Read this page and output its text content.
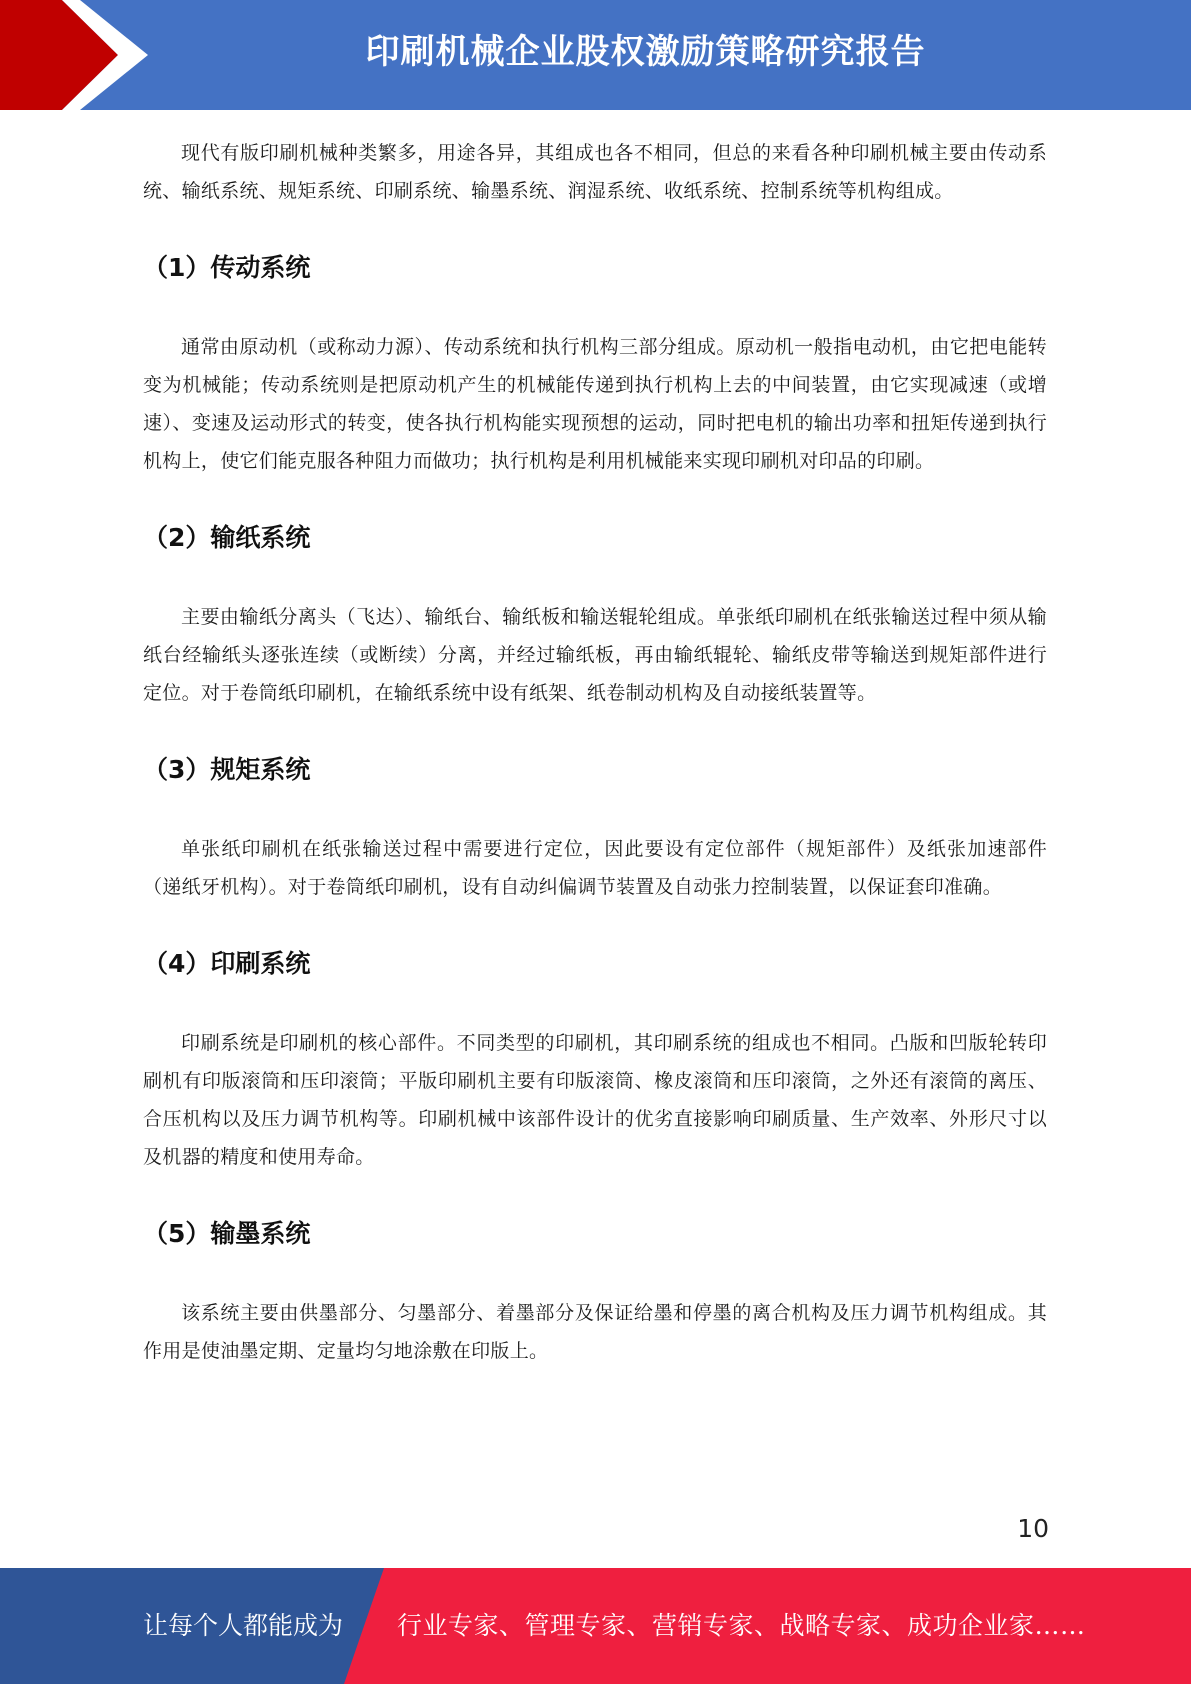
印刷机械企业股权激励策略研究报告

现代有版印刷机械种类繁多，用途各异，其组成也各不相同，但总的来看各种印刷机械主要由传动系统、输纸系统、规矩系统、印刷系统、输墨系统、润湿系统、收纸系统、控制系统等机构组成。

（1）传动系统

通常由原动机（或称动力源）、传动系统和执行机构三部分组成。原动机一般指电动机，由它把电能转变为机械能；传动系统则是把原动机产生的机械能传递到执行机构上去的中间装置，由它实现减速（或增速）、变速及运动形式的转变，使各执行机构能实现预想的运动，同时把电机的输出功率和扭矩传递到执行机构上，使它们能克服各种阻力而做功；执行机构是利用机械能来实现印刷机对印品的印刷。

（2）输纸系统

主要由输纸分离头（飞达）、输纸台、输纸板和输送辊轮组成。单张纸印刷机在纸张输送过程中须从输纸台经输纸头逐张连续（或断续）分离，并经过输纸板，再由输纸辊轮、输纸皮带等输送到规矩部件进行定位。对于卷筒纸印刷机，在输纸系统中设有纸架、纸卷制动机构及自动接纸装置等。

（3）规矩系统

单张纸印刷机在纸张输送过程中需要进行定位，因此要设有定位部件（规矩部件）及纸张加速部件（递纸牙机构）。对于卷筒纸印刷机，设有自动纠偏调节装置及自动张力控制装置，以保证套印准确。

（4）印刷系统

印刷系统是印刷机的核心部件。不同类型的印刷机，其印刷系统的组成也不相同。凸版和凹版轮转印刷机有印版滚筒和压印滚筒；平版印刷机主要有印版滚筒、橡皮滚筒和压印滚筒，之外还有滚筒的离压、合压机构以及压力调节机构等。印刷机械中该部件设计的优劣直接影响印刷质量、生产效率、外形尺寸以及机器的精度和使用寿命。

（5）输墨系统

该系统主要由供墨部分、匀墨部分、着墨部分及保证给墨和停墨的离合机构及压力调节机构组成。其作用是使油墨定期、定量均匀地涂敷在印版上。

10
让每个人都能成为 行业专家、管理专家、营销专家、战略专家、成功企业家……
